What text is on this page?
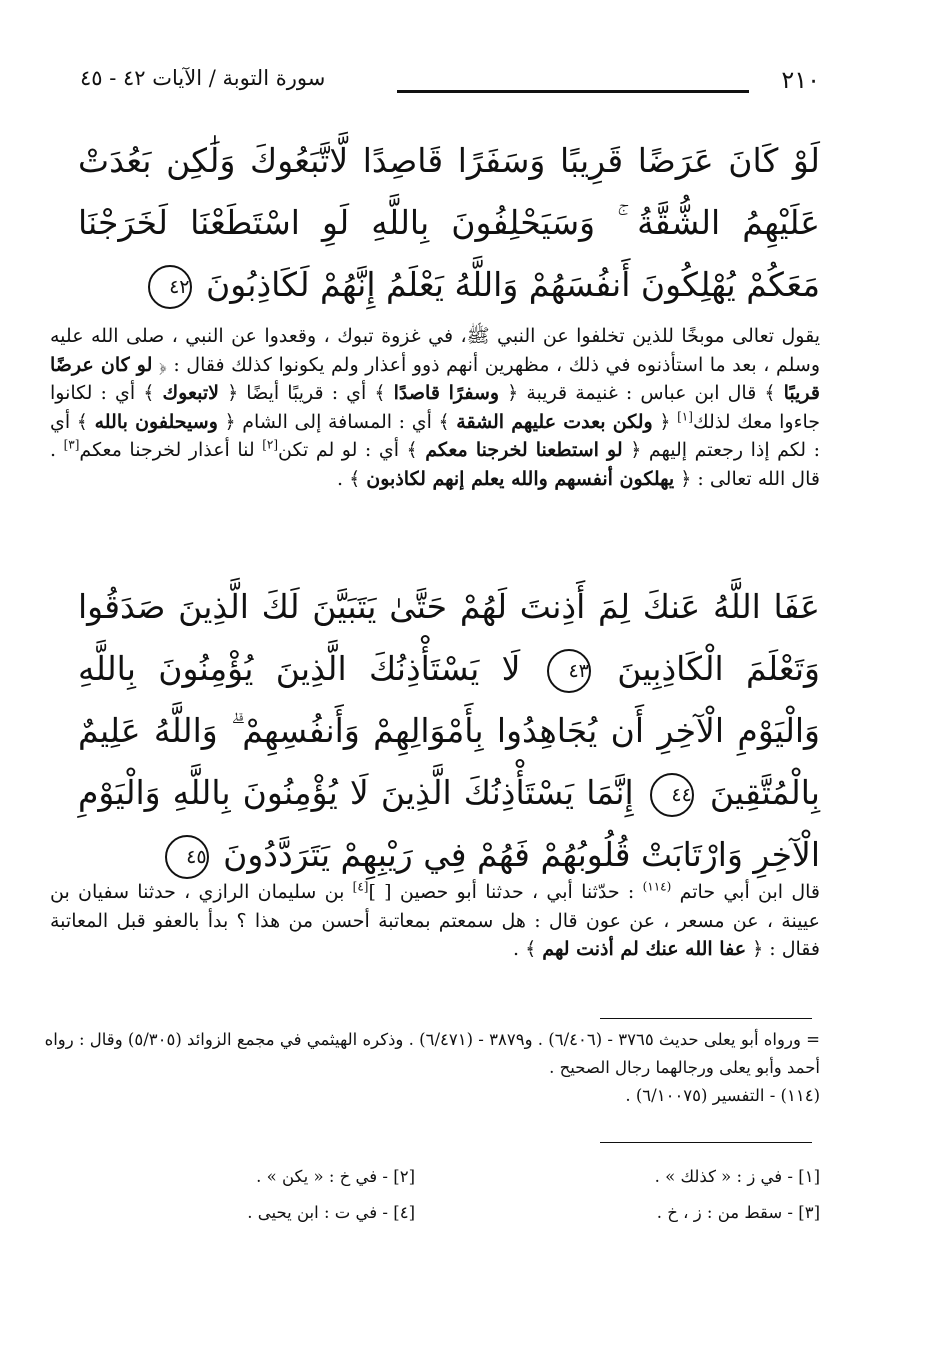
٢١٠
سورة التوبة / الآيات ٤٢ - ٤٥
لَوْ كَانَ عَرَضًا قَرِيبًا وَسَفَرًا قَاصِدًا لَّاتَّبَعُوكَ وَلَٰكِن بَعُدَتْ عَلَيْهِمُ الشُّقَّةُ ۚ وَسَيَحْلِفُونَ بِاللَّهِ لَوِ اسْتَطَعْنَا لَخَرَجْنَا مَعَكُمْ يُهْلِكُونَ أَنفُسَهُمْ وَاللَّهُ يَعْلَمُ إِنَّهُمْ لَكَاذِبُونَ ٤٢
يقول تعالى موبخًا للذين تخلفوا عن النبي ﷺ، في غزوة تبوك ، وقعدوا عن النبي ، صلى الله عليه وسلم ، بعد ما استأذنوه في ذلك ، مظهرين أنهم ذوو أعذار ولم يكونوا كذلك فقال : ﴿ لو كان عرضًا قريبًا ﴾ قال ابن عباس : غنيمة قريبة ﴿ وسفرًا قاصدًا ﴾ أي : قريبًا أيضًا ﴿ لاتبعوك ﴾ أي : لكانوا جاءوا معك لذلك[١] ﴿ ولكن بعدت عليهم الشقة ﴾ أي : المسافة إلى الشام ﴿ وسيحلفون بالله ﴾ أي : لكم إذا رجعتم إليهم ﴿ لو استطعنا لخرجنا معكم ﴾ أي : لو لم تكن[٢] لنا أعذار لخرجنا معكم[٣] . قال الله تعالى : ﴿ يهلكون أنفسهم والله يعلم إنهم لكاذبون ﴾ .
عَفَا اللَّهُ عَنكَ لِمَ أَذِنتَ لَهُمْ حَتَّىٰ يَتَبَيَّنَ لَكَ الَّذِينَ صَدَقُوا وَتَعْلَمَ الْكَاذِبِينَ ٤٣ لَا يَسْتَأْذِنُكَ الَّذِينَ يُؤْمِنُونَ بِاللَّهِ وَالْيَوْمِ الْآخِرِ أَن يُجَاهِدُوا بِأَمْوَالِهِمْ وَأَنفُسِهِمْ ۗ وَاللَّهُ عَلِيمٌ بِالْمُتَّقِينَ ٤٤ إِنَّمَا يَسْتَأْذِنُكَ الَّذِينَ لَا يُؤْمِنُونَ بِاللَّهِ وَالْيَوْمِ الْآخِرِ وَارْتَابَتْ قُلُوبُهُمْ فَهُمْ فِي رَيْبِهِمْ يَتَرَدَّدُونَ ٤٥
قال ابن أبي حاتم $^{(١١٤)}$ : حدّثنا أبي ، حدثنا أبو حصين [ ][٤] بن سليمان الرازي ، حدثنا سفيان بن عيينة ، عن مسعر ، عن عون قال : هل سمعتم بمعاتبة أحسن من هذا ؟ بدأ بالعفو قبل المعاتبة فقال : ﴿ عفا الله عنك لم أذنت لهم ﴾ .
= ورواه أبو يعلى حديث ٣٧٦٥ - (٦/٤٠٦) . و٣٨٧٩ - (٦/٤٧١) . وذكره الهيثمي في مجمع الزوائد (٥/٣٠٥) وقال : رواه أحمد وأبو يعلى ورجالهما رجال الصحيح .
(١١٤) - التفسير (٦/١٠٠٧٥) .
[١] - في ز : « كذلك » .
[٢] - في خ : « يكن » .
[٣] - سقط من : ز ، خ .
[٤] - في ت : ابن يحيى .
